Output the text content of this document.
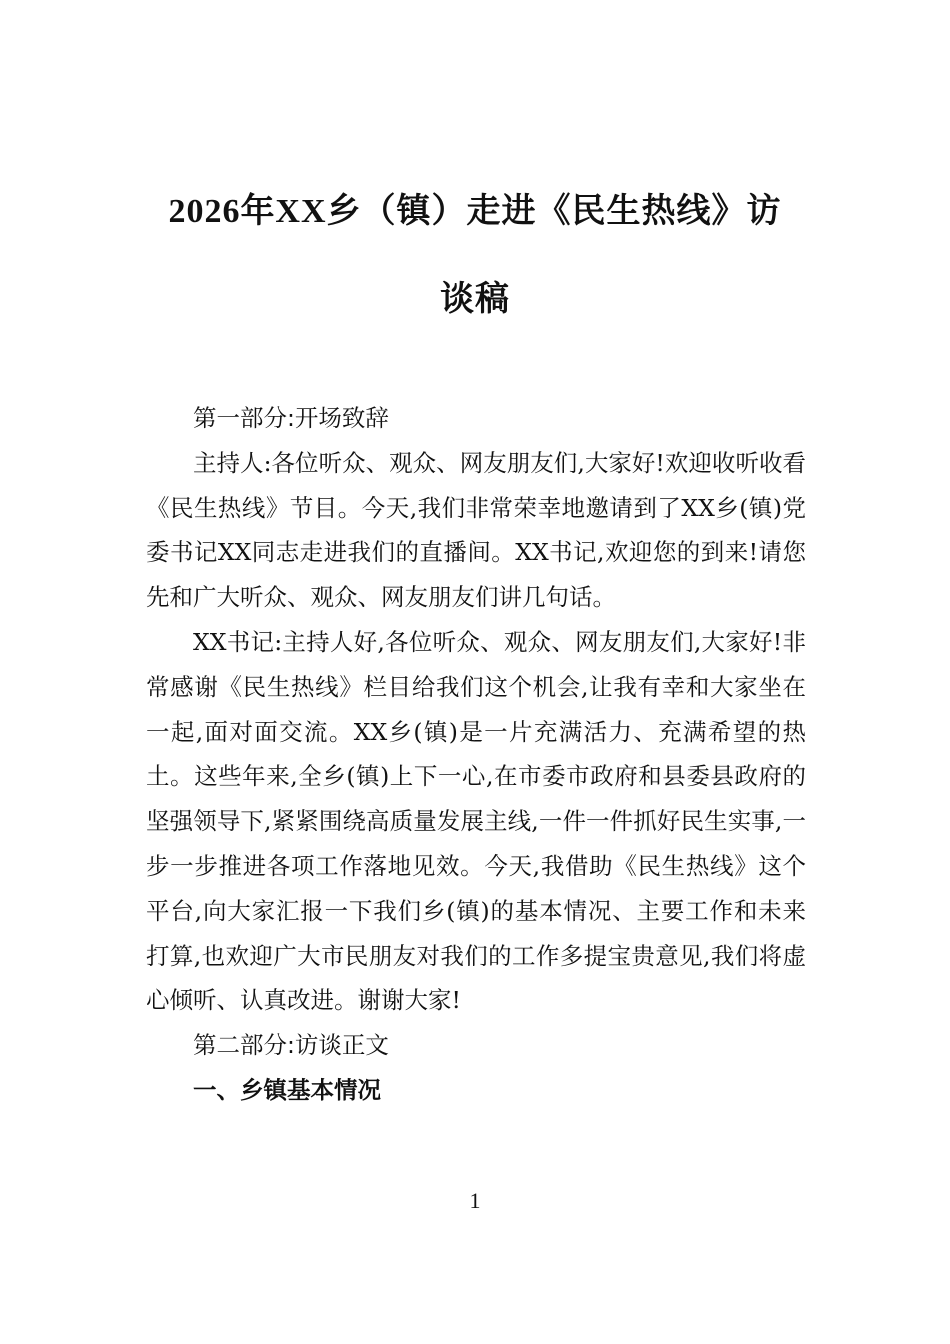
2026年XX乡（镇）走进《民生热线》访
谈稿

第一部分:开场致辞

主持人:各位听众、观众、网友朋友们,大家好!欢迎收听收看《民生热线》节目。今天,我们非常荣幸地邀请到了XX乡(镇)党委书记XX同志走进我们的直播间。XX书记,欢迎您的到来!请您先和广大听众、观众、网友朋友们讲几句话。

XX书记:主持人好,各位听众、观众、网友朋友们,大家好!非常感谢《民生热线》栏目给我们这个机会,让我有幸和大家坐在一起,面对面交流。XX乡(镇)是一片充满活力、充满希望的热土。这些年来,全乡(镇)上下一心,在市委市政府和县委县政府的坚强领导下,紧紧围绕高质量发展主线,一件一件抓好民生实事,一步一步推进各项工作落地见效。今天,我借助《民生热线》这个平台,向大家汇报一下我们乡(镇)的基本情况、主要工作和未来打算,也欢迎广大市民朋友对我们的工作多提宝贵意见,我们将虚心倾听、认真改进。谢谢大家!

第二部分:访谈正文

一、乡镇基本情况

1
